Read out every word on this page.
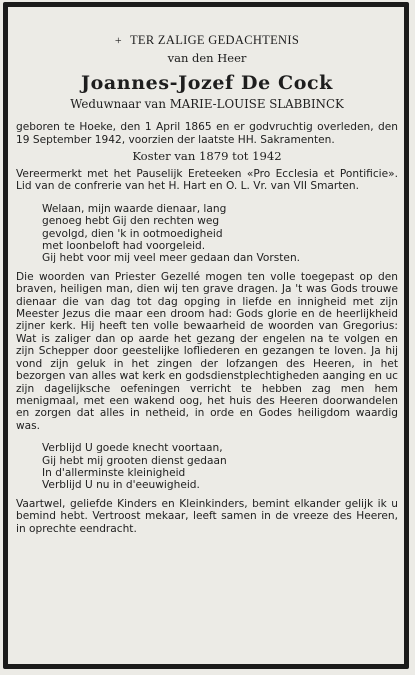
+ TER ZALIGE GEDACHTENIS
van den Heer
Joannes-Jozef De Cock
Weduwnaar van MARIE-LOUISE SLABBINCK
geboren te Hoeke, den 1 April 1865 en er godvruchtig overleden, den 19 September 1942, voorzien der laatste HH. Sakramenten.
Koster van 1879 tot 1942
Vereermerkt met het Pauselijk Ereteeken «Pro Ecclesia et Pontificie». Lid van de confrerie van het H. Hart en O. L. Vr. van VII Smarten.
Welaan, mijn waarde dienaar, lang
genoeg hebt Gij den rechten weg
gevolgd, dien 'k in ootmoedigheid
met loonbeloft had voorgeleid.
Gij hebt voor mij veel meer gedaan dan Vorsten.
Die woorden van Priester Gezellé mogen ten volle toegepast op den braven, heiligen man, dien wij ten grave dragen. Ja 't was Gods trouwe dienaar die van dag tot dag opging in liefde en innigheid met zijn Meester Jezus die maar een droom had: Gods glorie en de heerlijkheid zijner kerk. Hij heeft ten volle bewaarheid de woorden van Gregorius: Wat is zaliger dan op aarde het gezang der engelen na te volgen en zijn Schepper door geestelijke lofliederen en gezangen te loven. Ja hij vond zijn geluk in het zingen der lofzangen des Heeren, in het bezorgen van alles wat kerk en godsdienstplechtigheden aanging en uc zijn dagelijksche oefeningen verricht te hebben zag men hem menigmaal, met een wakend oog, het huis des Heeren doorwandelen en zorgen dat alles in netheid, in orde en Godes heiligdom waardig was.
Verblijd U goede knecht voortaan,
Gij hebt mij grooten dienst gedaan
In d'allerminste kleinigheid
Verblijd U nu in d'eeuwigheid.
Vaartwel, geliefde Kinders en Kleinkinders, bemint elkander gelijk ik u bemind hebt. Vertroost mekaar, leeft samen in de vreeze des Heeren, in oprechte eendracht.
